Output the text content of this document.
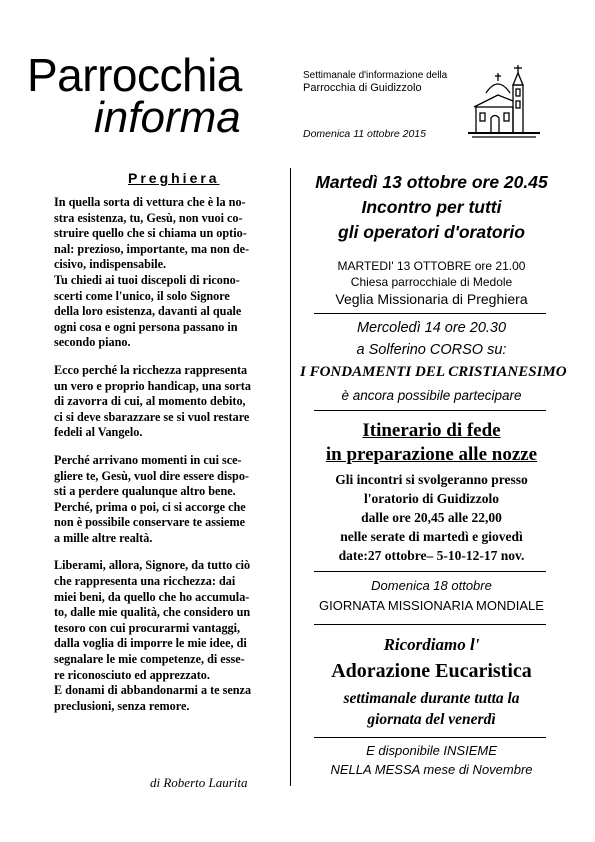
Parrocchia
informa
Settimanale d'informazione della
Parrocchia di Guidizzolo
Domenica 11 ottobre 2015
Preghiera

In quella sorta di vettura che è la no-
stra esistenza, tu, Gesù, non vuoi co-
struire quello che si chiama un optio-
nal: prezioso, importante, ma non de-
cisivo, indispensabile.
Tu chiedi ai tuoi discepoli di ricono-
scerti come l'unico, il solo Signore
della loro esistenza, davanti al quale
ogni cosa e ogni persona passano in
secondo piano.

Ecco perché la ricchezza rappresenta
un vero e proprio handicap, una sorta
di zavorra di cui, al momento debito,
ci si deve sbarazzare se si vuol restare
fedeli al Vangelo.

Perché arrivano momenti in cui sce-
gliere te, Gesù, vuol dire essere dispo-
sti a perdere qualunque altro bene.
Perché, prima o poi, ci si accorge che
non è possibile conservare te assieme
a mille altre realtà.

Liberami, allora, Signore, da tutto ciò
che rappresenta una ricchezza: dai
miei beni, da quello che ho accumula-
to, dalle mie qualità, che considero un
tesoro con cui procurarmi vantaggi,
dalla voglia di imporre le mie idee, di
segnalare le mie competenze, di esse-
re riconosciuto ed apprezzato.
E donami di abbandonarmi a te senza
preclusioni, senza remore.

di Roberto Laurita
Martedì 13 ottobre ore 20.45
Incontro per tutti
gli operatori d'oratorio
MARTEDI' 13 OTTOBRE ore 21.00
Chiesa parrocchiale di Medole
Veglia Missionaria di Preghiera
Mercoledì 14 ore 20.30
a Solferino CORSO su:
I FONDAMENTI DEL CRISTIANESIMO
è ancora possibile partecipare
Itinerario di fede
in preparazione alle nozze
Gli incontri si svolgeranno presso
l'oratorio di Guidizzolo
dalle ore 20,45 alle 22,00
nelle serate di martedì e giovedì
date:27 ottobre– 5-10-12-17 nov.
Domenica 18 ottobre
GIORNATA MISSIONARIA MONDIALE
Ricordiamo l'
Adorazione Eucaristica
settimanale durante tutta la
giornata del venerdì
E disponibile INSIEME
NELLA MESSA mese di Novembre
